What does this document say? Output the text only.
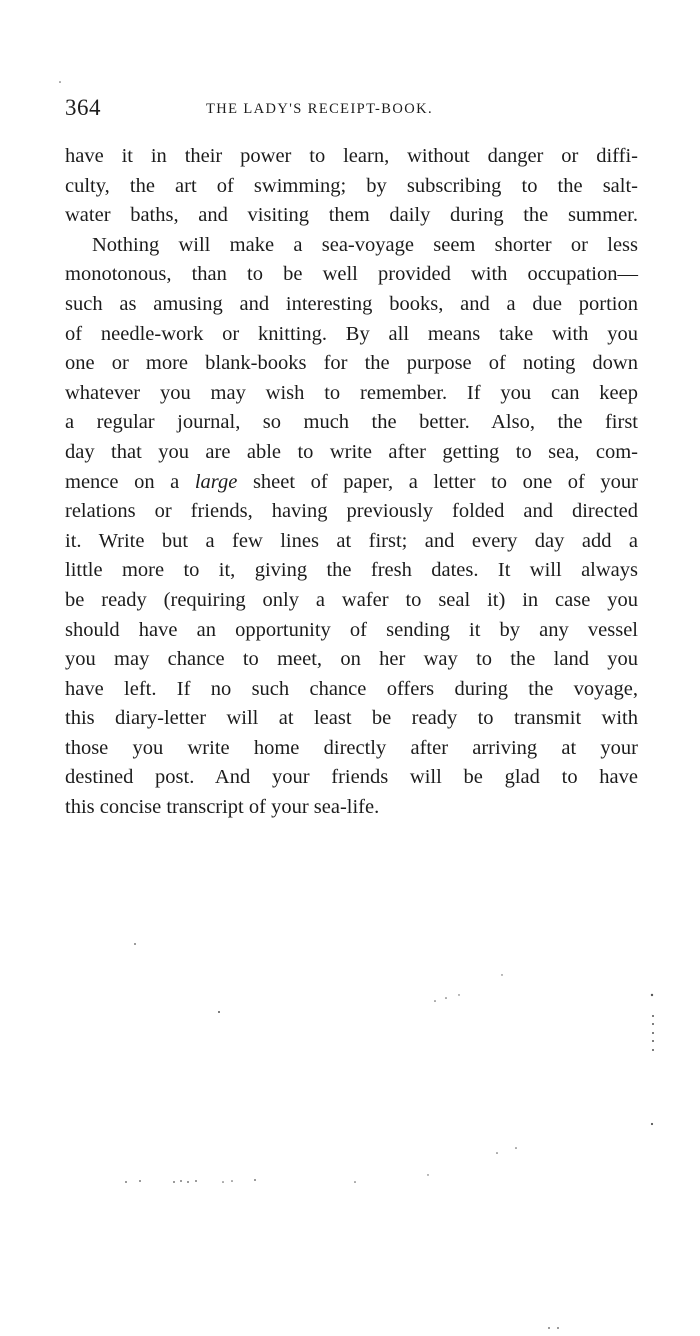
364	THE LADY'S RECEIPT-BOOK.
have it in their power to learn, without danger or diffi-
culty, the art of swimming; by subscribing to the salt-
water baths, and visiting them daily during the summer.
Nothing will make a sea-voyage seem shorter or less
monotonous, than to be well provided with occupation—
such as amusing and interesting books, and a due portion
of needle-work or knitting. By all means take with you
one or more blank-books for the purpose of noting down
whatever you may wish to remember. If you can keep
a regular journal, so much the better. Also, the first
day that you are able to write after getting to sea, com-
mence on a large sheet of paper, a letter to one of your
relations or friends, having previously folded and directed
it. Write but a few lines at first; and every day add a
little more to it, giving the fresh dates. It will always
be ready (requiring only a wafer to seal it) in case you
should have an opportunity of sending it by any vessel
you may chance to meet, on her way to the land you
have left. If no such chance offers during the voyage,
this diary-letter will at least be ready to transmit with
those you write home directly after arriving at your
destined post. And your friends will be glad to have
this concise transcript of your sea-life.
